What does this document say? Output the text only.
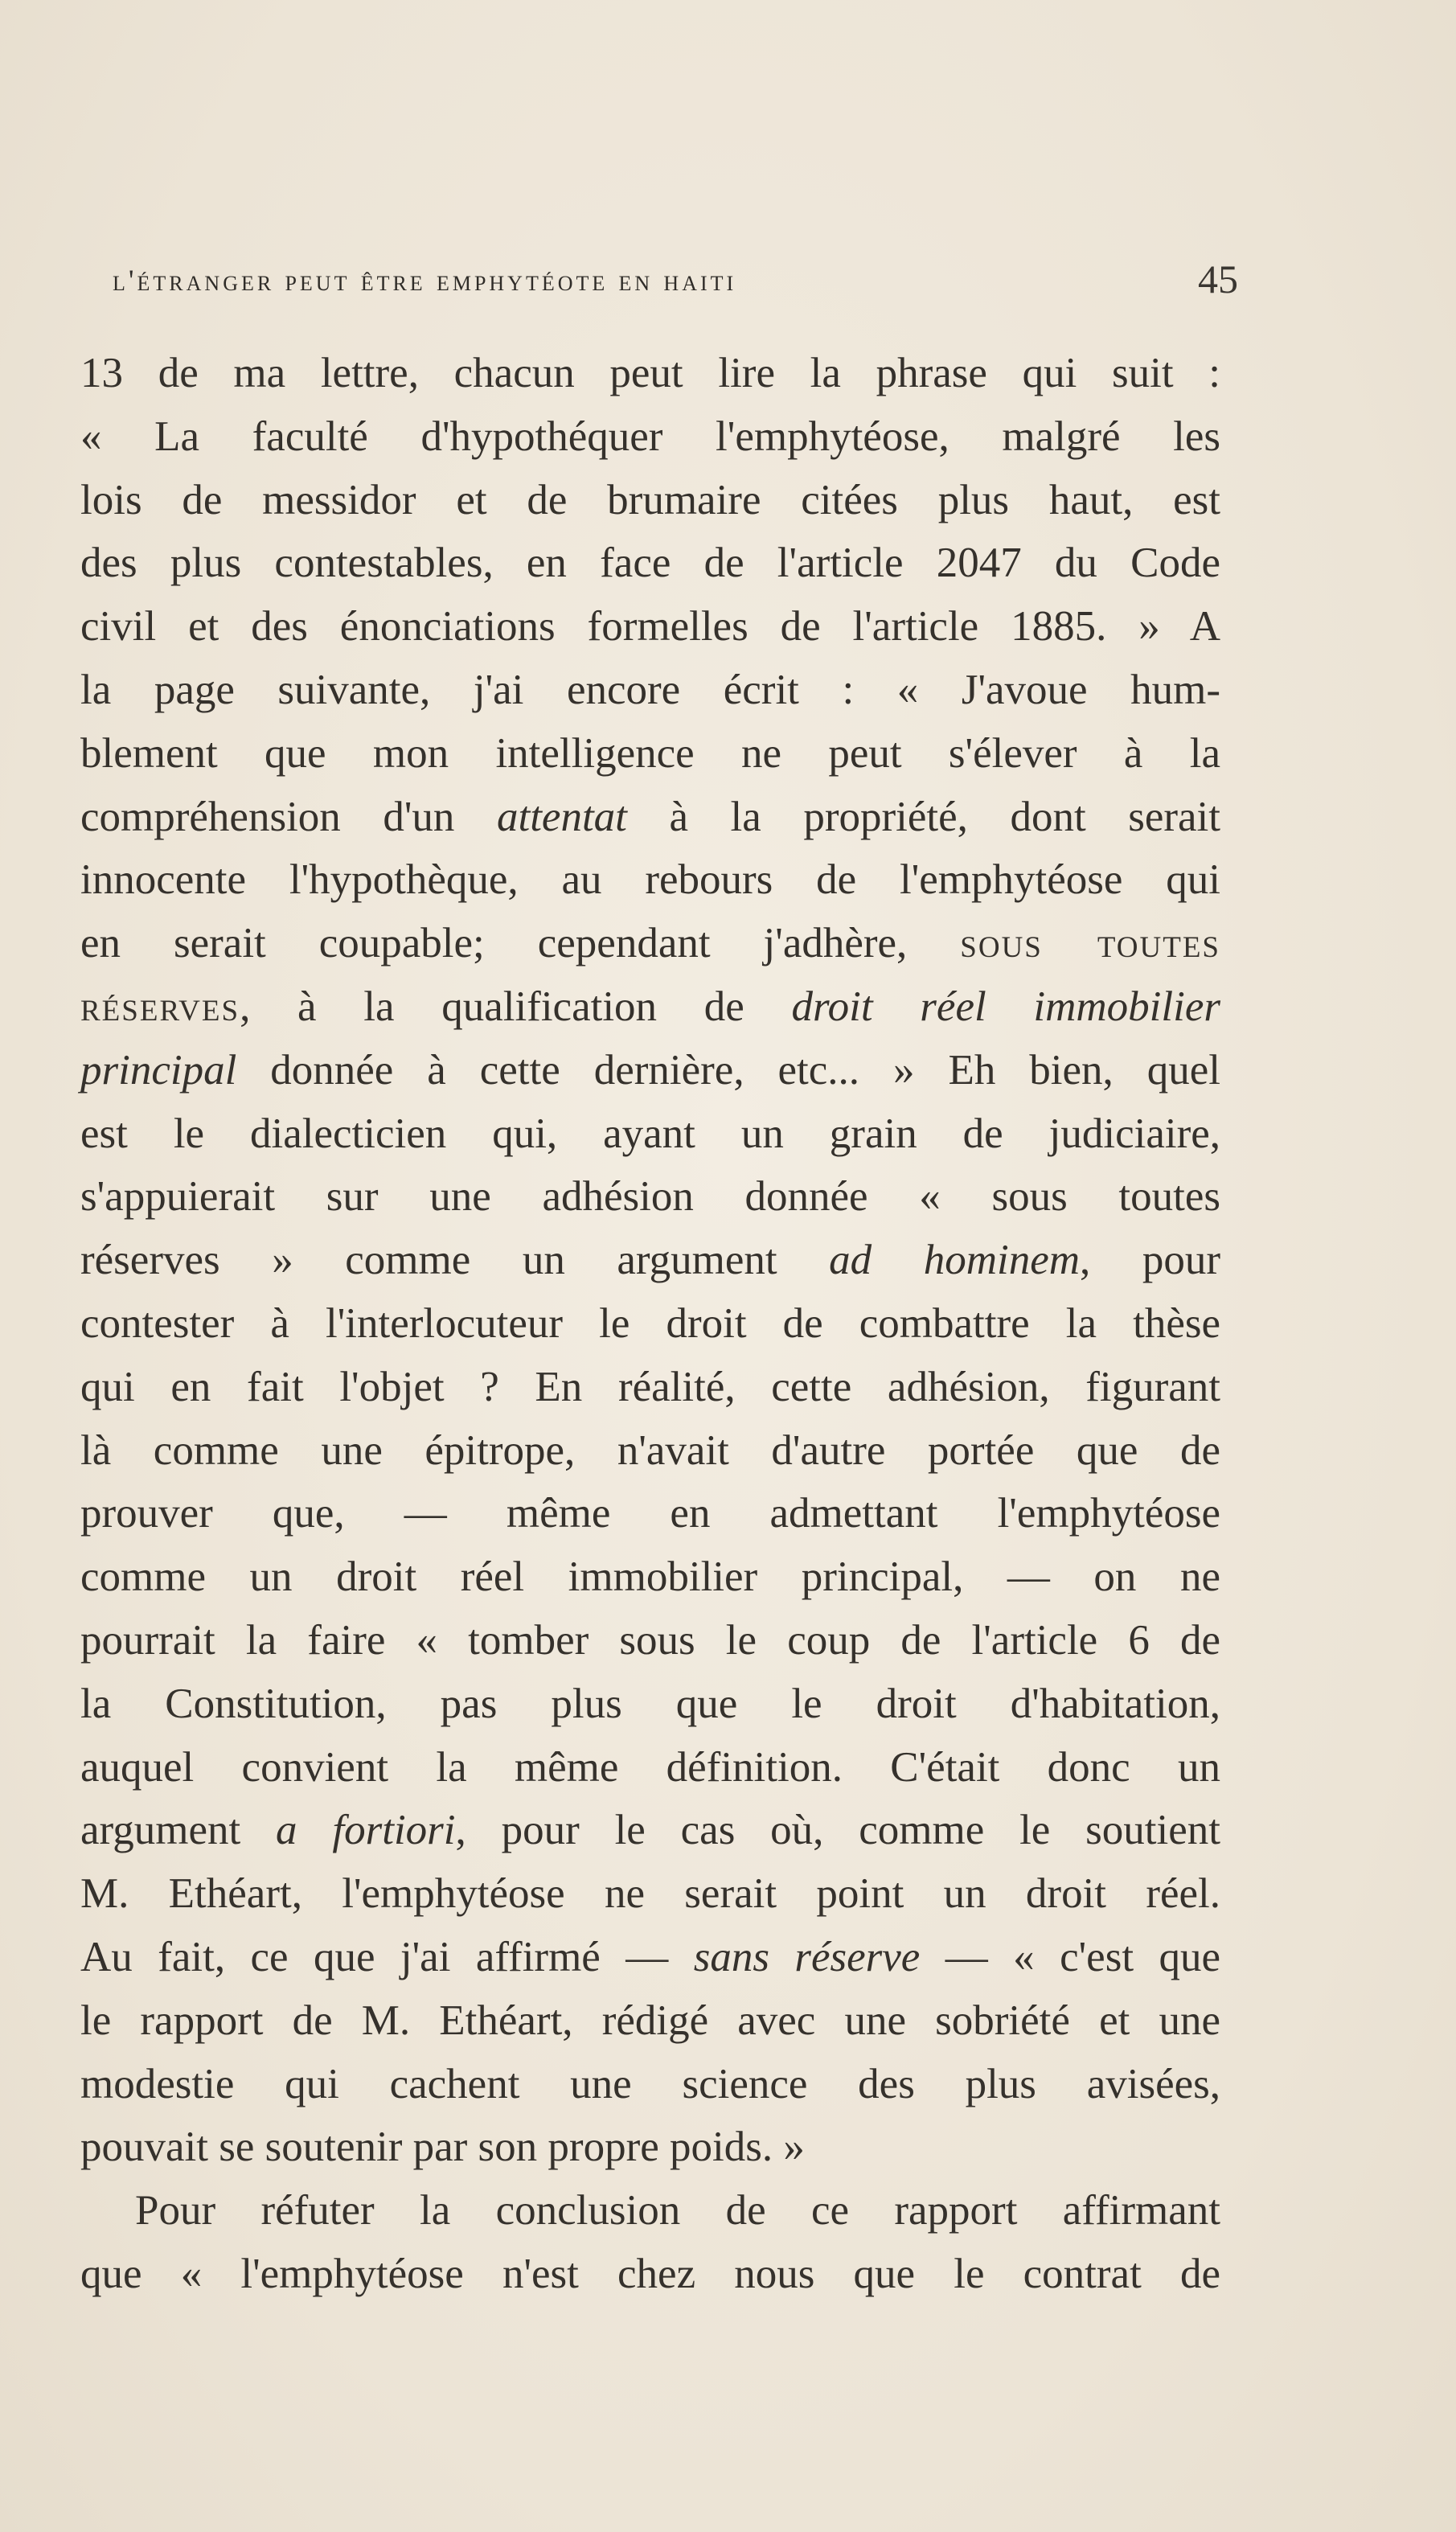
l'étranger peut être emphytéote en haiti	45
13 de ma lettre, chacun peut lire la phrase qui suit :
« La faculté d'hypothéquer l'emphytéose, malgré les
lois de messidor et de brumaire citées plus haut, est
des plus contestables, en face de l'article 2047 du Code
civil et des énonciations formelles de l'article 1885. » A
la page suivante, j'ai encore écrit : « J'avoue hum-
blement que mon intelligence ne peut s'élever à la
compréhension d'un attentat à la propriété, dont serait
innocente l'hypothèque, au rebours de l'emphytéose qui
en serait coupable; cependant j'adhère, sous toutes
réserves, à la qualification de droit réel immobilier
principal donnée à cette dernière, etc... » Eh bien, quel
est le dialecticien qui, ayant un grain de judiciaire,
s'appuierait sur une adhésion donnée « sous toutes
réserves » comme un argument ad hominem, pour
contester à l'interlocuteur le droit de combattre la thèse
qui en fait l'objet ? En réalité, cette adhésion, figurant
là comme une épitrope, n'avait d'autre portée que de
prouver que, — même en admettant l'emphytéose
comme un droit réel immobilier principal, — on ne
pourrait la faire « tomber sous le coup de l'article 6 de
la Constitution, pas plus que le droit d'habitation,
auquel convient la même définition. C'était donc un
argument a fortiori, pour le cas où, comme le soutient
M. Ethéart, l'emphytéose ne serait point un droit réel.
Au fait, ce que j'ai affirmé — sans réserve — « c'est que
le rapport de M. Ethéart, rédigé avec une sobriété et une
modestie qui cachent une science des plus avisées,
pouvait se soutenir par son propre poids. »
Pour réfuter la conclusion de ce rapport affirmant
que « l'emphytéose n'est chez nous que le contrat de
